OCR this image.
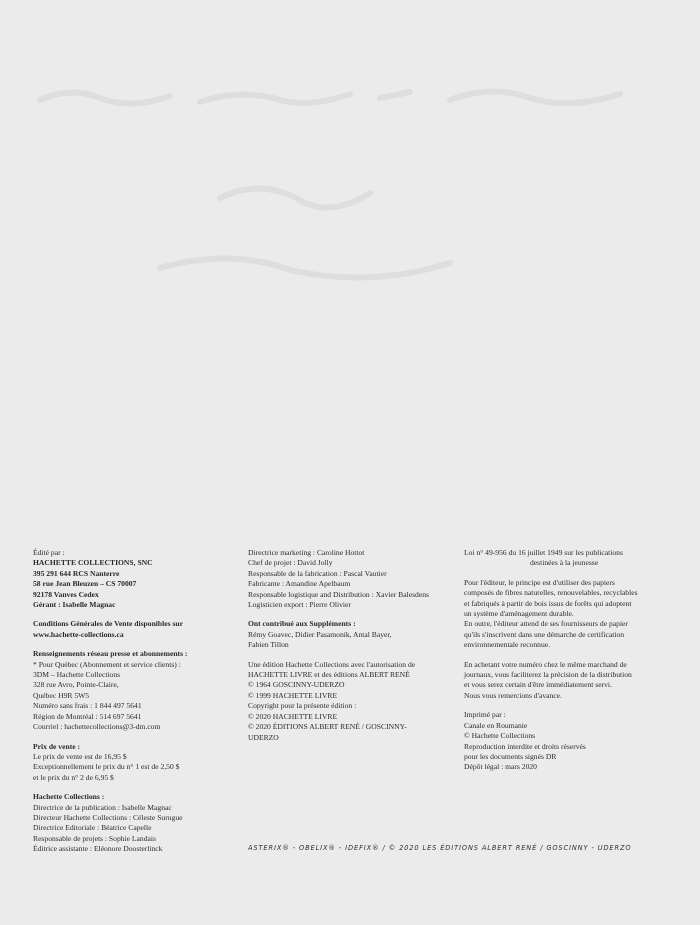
Édité par :
HACHETTE COLLECTIONS, SNC
395 291 644 RCS Nanterre
58 rue Jean Bleuzen – CS 70007
92178 Vanves Cedex
Gérant : Isabelle Magnac
Conditions Générales de Vente disponibles sur
www.hachette-collections.ca
Renseignements réseau presse et abonnements :
* Pour Québec (Abonnement et service clients) :
3DM – Hachette Collections
328 rue Avro, Pointe-Claire,
Québec H9R 5W5
Numéro sans frais : 1 844 497 5641
Région de Montréal : 514 697 5641
Courriel : hachettecollections@3-dm.com
Prix de vente :
Le prix de vente est de 16,95 $
Exceptionnellement le prix du n° 1 est de 2,50 $
et le prix du n° 2 de 6,95 $
Hachette Collections :
Directrice de la publication : Isabelle Magnac
Directeur Hachette Collections : Céleste Surugue
Directrice Editoriale : Béatrice Capelle
Responsable de projets : Sophie Landais
Éditrice assistante : Eléonore Doosterlinck
Directrice marketing : Caroline Hottot
Chef de projet : David Jolly
Responsable de la fabrication : Pascal Vautier
Fabricante : Amandine Apelbaum
Responsable logistique and Distribution : Xavier Balesdens
Logisticien export : Pierre Olivier
Ont contribué aux Suppléments :
Rémy Goavec, Didier Pasamonik, Antal Bayer,
Fabien Tillon
Une édition Hachette Collections avec l'autorisation de
HACHETTE LIVRE et des éditions ALBERT RENÉ
© 1964 GOSCINNY-UDERZO
© 1999 HACHETTE LIVRE
Copyright pour la présente édition :
© 2020 HACHETTE LIVRE
© 2020 ÉDITIONS ALBERT RENÉ / GOSCINNY-
UDERZO
Loi n° 49-956 du 16 juillet 1949 sur les publications
destinées à la jeunesse
Pour l'éditeur, le principe est d'utiliser des papiers
composés de fibres naturelles, renouvelables, recyclables
et fabriqués à partir de bois issus de forêts qui adoptent
un système d'aménagement durable.
En outre, l'éditeur attend de ses fournisseurs de papier
qu'ils s'inscrivent dans une démarche de certification
environnementale reconnue.
En achetant votre numéro chez le même marchand de
journaux, vous faciliterez la précision de la distribution
et vous serez certain d'être immédiatement servi.
Nous vous remercions d'avance.
Imprimé par :
Canale en Roumanie
© Hachette Collections
Reproduction interdite et droits réservés
pour les documents signés DR
Dépôt légal : mars 2020
ASTERIX® - OBELIX® - IDEFIX® / © 2020 LES ÉDITIONS ALBERT RENÉ / GOSCINNY - UDERZO
